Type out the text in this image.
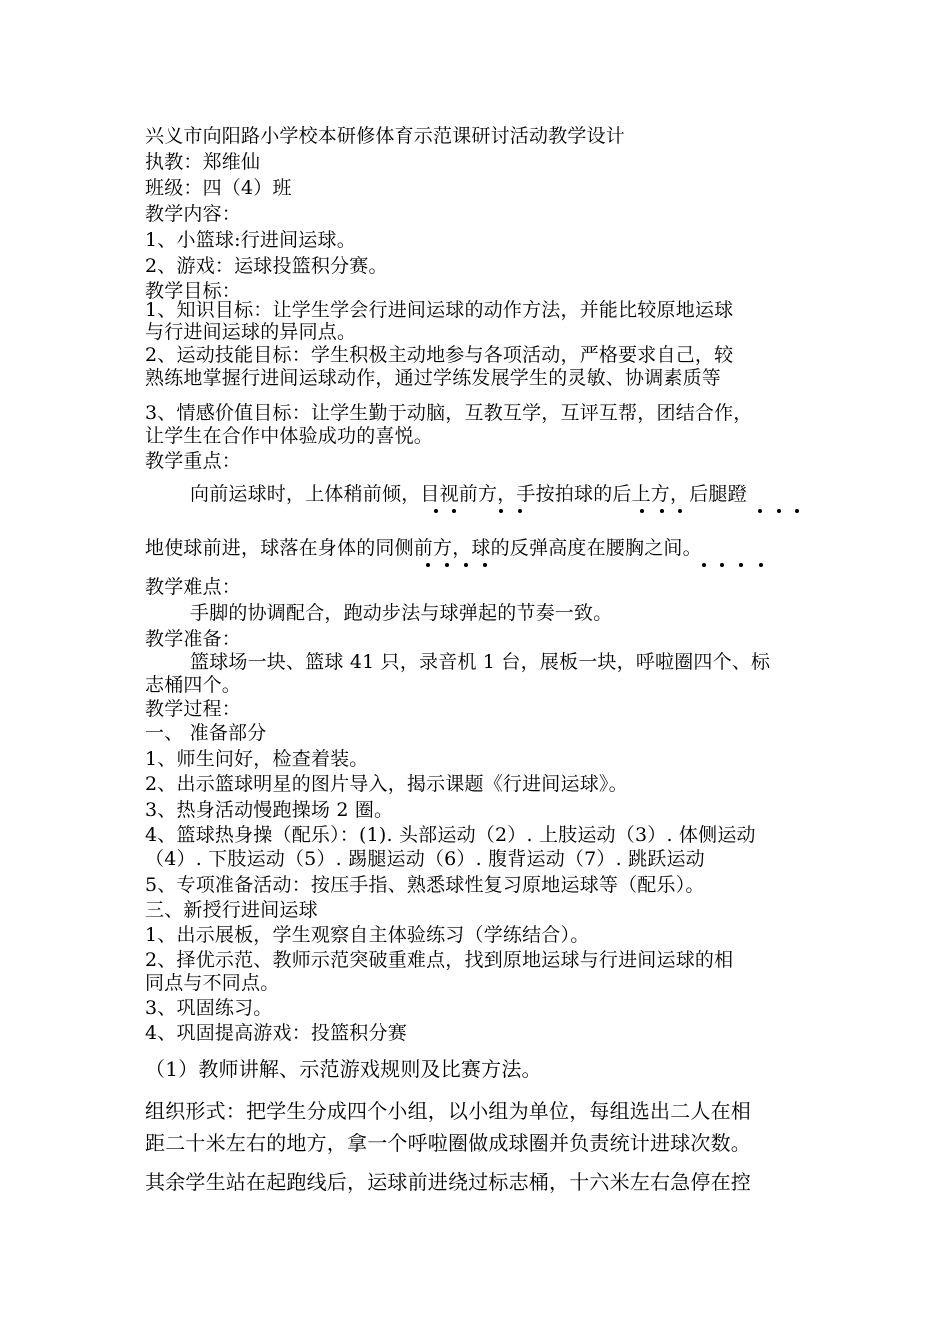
兴义市向阳路小学校本研修体育示范课研讨活动教学设计
执教：郑维仙
班级：四（4）班
教学内容：
1、小篮球:行进间运球。
2、游戏：运球投篮积分赛。
教学目标：
1、知识目标：让学生学会行进间运球的动作方法，并能比较原地运球
与行进间运球的异同点。
2、运动技能目标：学生积极主动地参与各项活动，严格要求自己，较
熟练地掌握行进间运球动作，通过学练发展学生的灵敏、协调素质等
3、情感价值目标：让学生勤于动脑，互教互学，互评互帮，团结合作，
让学生在合作中体验成功的喜悦。
教学重点：
向前运球时，上体稍前倾，目视前方，手按拍球的后上方，后腿蹬
地使球前进，球落在身体的同侧前方，球的反弹高度在腰胸之间。
教学难点：
手脚的协调配合，跑动步法与球弹起的节奏一致。
教学准备：
篮球场一块、篮球 41 只，录音机 1 台，展板一块，呼啦圈四个、标
志桶四个。
教学过程：
一、 准备部分
1、师生问好，检查着装。
2、出示篮球明星的图片导入，揭示课题《行进间运球》。
3、热身活动慢跑操场 2 圈。
4、篮球热身操（配乐）：(1). 头部运动（2）. 上肢运动（3）. 体侧运动
（4）. 下肢运动（5）. 踢腿运动（6）. 腹背运动（7）. 跳跃运动
5、专项准备活动：按压手指、熟悉球性复习原地运球等（配乐）。
三、新授行进间运球
1、出示展板，学生观察自主体验练习（学练结合）。
2、择优示范、教师示范突破重难点，找到原地运球与行进间运球的相
同点与不同点。
3、巩固练习。
4、巩固提高游戏：投篮积分赛
（1）教师讲解、示范游戏规则及比赛方法。
组织形式：把学生分成四个小组，以小组为单位，每组选出二人在相
距二十米左右的地方，拿一个呼啦圈做成球圈并负责统计进球次数。
其余学生站在起跑线后，运球前进绕过标志桶，十六米左右急停在控
